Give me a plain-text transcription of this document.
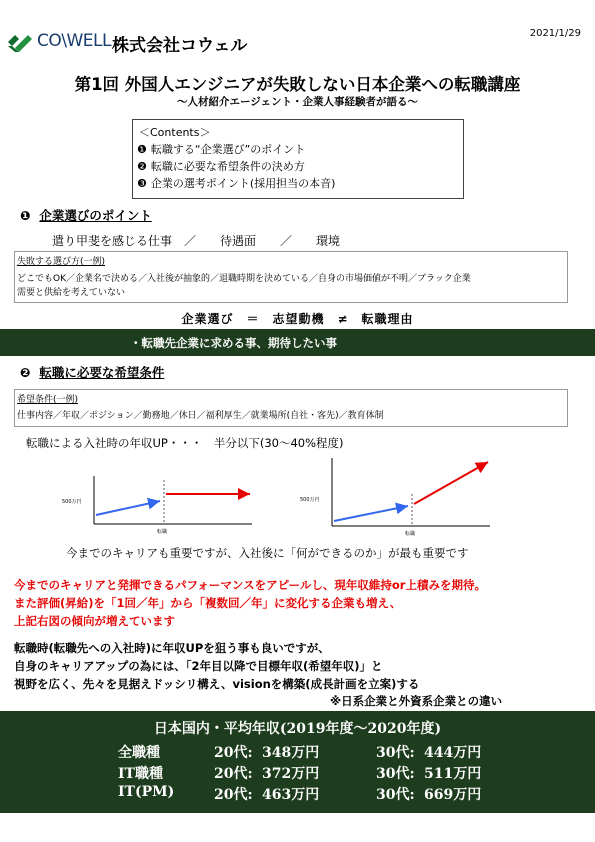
2021/1/29
CO\WELL 株式会社コウェル
第1回 外国人エンジニアが失敗しない日本企業への転職講座
〜人材紹介エージェント・企業人事経験者が語る〜
＜Contents＞
❶ 転職する“企業選び”のポイント
❷ 転職に必要な希望条件の決め方
❸ 企業の選考ポイント(採用担当の本音)
❶ 企業選びのポイント
遣り甲斐を感じる仕事　／　　待遇面　　／　　環境
失敗する選び方(一例)
どこでもOK／企業名で決める／入社後が抽象的／退職時期を決めている／自身の市場価値が不明／ブラック企業
需要と供給を考えていない
企業選び　＝　志望動機　≠　転職理由
・転職先企業に求める事、期待したい事
❷ 転職に必要な希望条件
希望条件(一例)
仕事内容／年収／ポジション／勤務地／休日／福利厚生／就業場所(自社・客先)／教育体制
転職による入社時の年収UP・・・　半分以下(30〜40%程度)
500万円
転職
500万円
転職
今までのキャリアも重要ですが、入社後に「何ができるのか」が最も重要です
今までのキャリアと発揮できるパフォーマンスをアピールし、現年収維持or上積みを期待。
また評価(昇給)を「1回／年」から「複数回／年」に変化する企業も増え、
上記右図の傾向が増えています
転職時(転職先への入社時)に年収UPを狙う事も良いですが、
自身のキャリアアップの為には、「2年目以降で目標年収(希望年収)」と
視野を広く、先々を見据えドッシリ構え、visionを構築(成長計画を立案)する
※日系企業と外資系企業との違い
日本国内・平均年収(2019年度〜2020年度)
全職種	20代: 348万円	30代: 444万円
IT職種	20代: 372万円	30代: 511万円
IT(PM)	20代: 463万円	30代: 669万円
